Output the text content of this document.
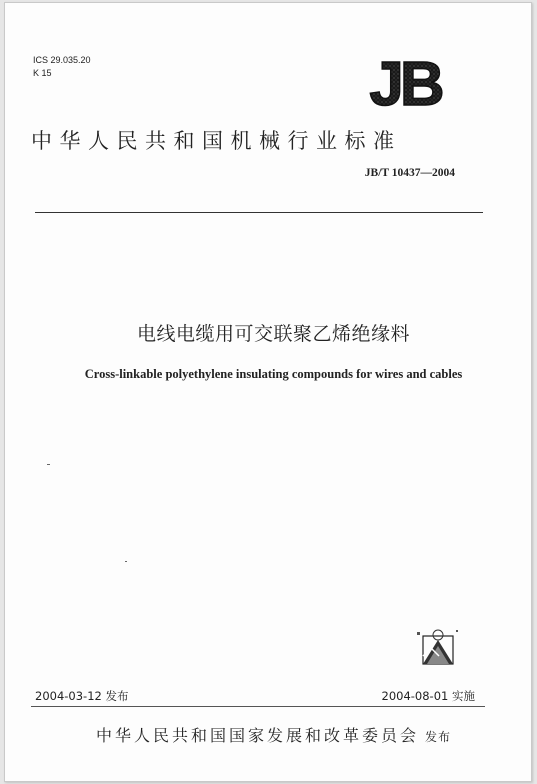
ICS 29.035.20
K 15	JB
中华人民共和国机械行业标准
JB/T 10437—2004
电线电缆用可交联聚乙烯绝缘料
Cross-linkable polyethylene insulating compounds for wires and cables
2004-03-12 发布	2004-08-01 实施
中华人民共和国国家发展和改革委员会 发布
